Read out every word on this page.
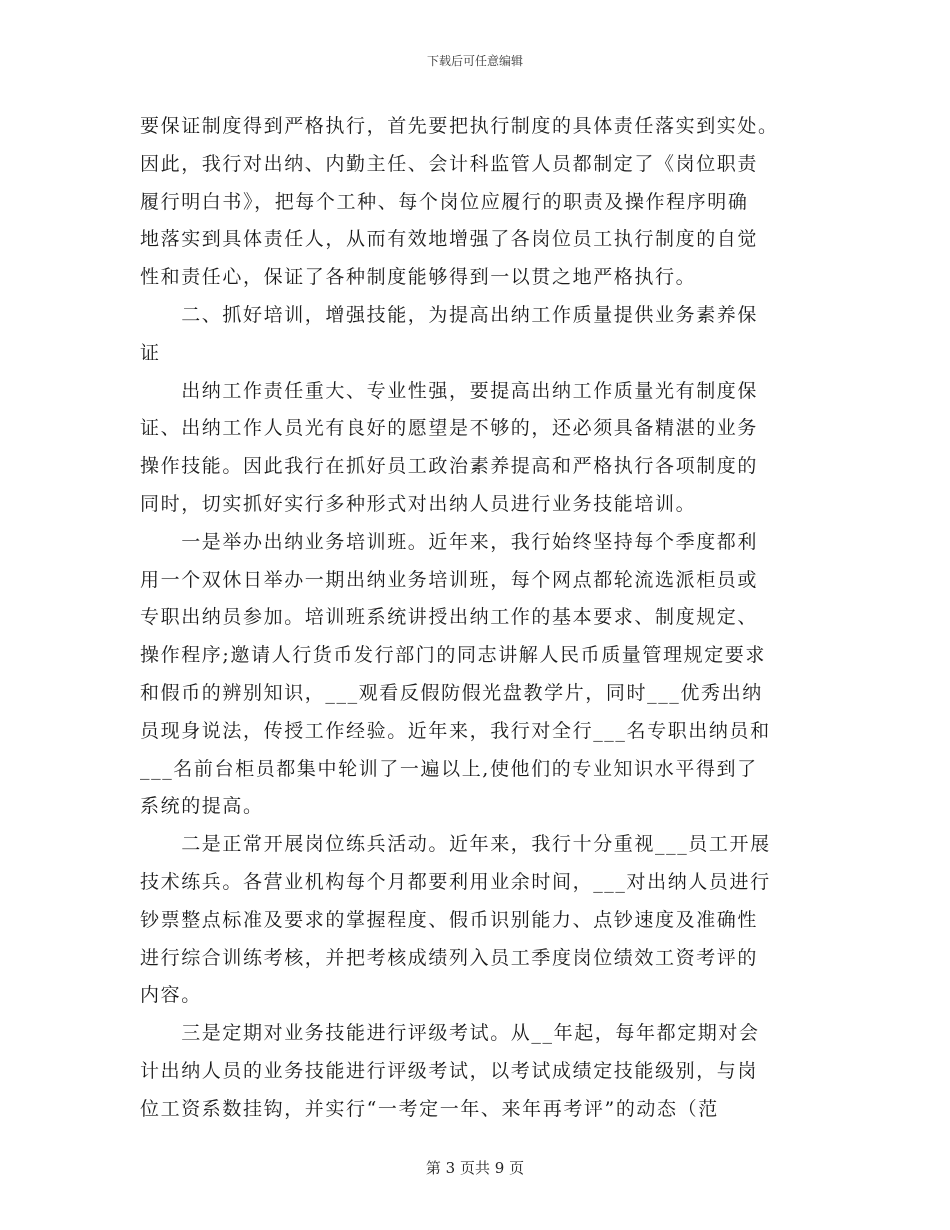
下载后可任意编辑
要保证制度得到严格执行，首先要把执行制度的具体责任落实到实处。
因此，我行对出纳、内勤主任、会计科监管人员都制定了《岗位职责
履行明白书》，把每个工种、每个岗位应履行的职责及操作程序明确
地落实到具体责任人，从而有效地增强了各岗位员工执行制度的自觉
性和责任心，保证了各种制度能够得到一以贯之地严格执行。
　　二、抓好培训，增强技能，为提高出纳工作质量提供业务素养保
证
　　出纳工作责任重大、专业性强，要提高出纳工作质量光有制度保
证、出纳工作人员光有良好的愿望是不够的，还必须具备精湛的业务
操作技能。因此我行在抓好员工政治素养提高和严格执行各项制度的
同时，切实抓好实行多种形式对出纳人员进行业务技能培训。
　　一是举办出纳业务培训班。近年来，我行始终坚持每个季度都利
用一个双休日举办一期出纳业务培训班，每个网点都轮流选派柜员或
专职出纳员参加。培训班系统讲授出纳工作的基本要求、制度规定、
操作程序;邀请人行货币发行部门的同志讲解人民币质量管理规定要求
和假币的辨别知识，___观看反假防假光盘教学片，同时___优秀出纳
员现身说法，传授工作经验。近年来，我行对全行___名专职出纳员和
___名前台柜员都集中轮训了一遍以上,使他们的专业知识水平得到了
系统的提高。
　　二是正常开展岗位练兵活动。近年来，我行十分重视___员工开展
技术练兵。各营业机构每个月都要利用业余时间，___对出纳人员进行
钞票整点标准及要求的掌握程度、假币识别能力、点钞速度及准确性
进行综合训练考核，并把考核成绩列入员工季度岗位绩效工资考评的
内容。
　　三是定期对业务技能进行评级考试。从__年起，每年都定期对会
计出纳人员的业务技能进行评级考试，以考试成绩定技能级别，与岗
位工资系数挂钩，并实行“一考定一年、来年再考评”的动态（范
第 3 页共 9 页
